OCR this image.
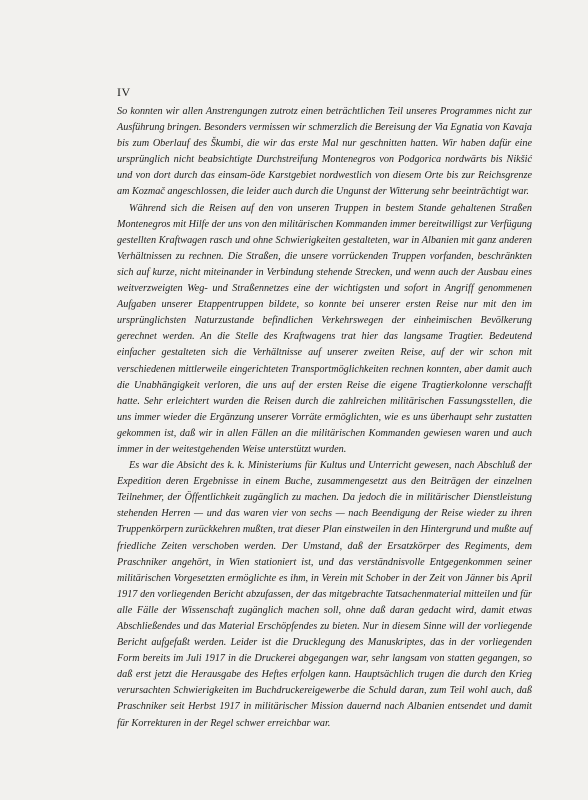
IV

So konnten wir allen Anstrengungen zutrotz einen beträchtlichen Teil unseres Programmes nicht zur Ausführung bringen. Besonders vermissen wir schmerzlich die Bereisung der Via Egnatia von Kavaja bis zum Oberlauf des Škumbi, die wir das erste Mal nur geschnitten hatten. Wir haben dafür eine ursprünglich nicht beabsichtigte Durchstreifung Montenegros von Podgorica nordwärts bis Nikšić und von dort durch das einsam-öde Karstgebiet nordwestlich von diesem Orte bis zur Reichsgrenze am Kozmač angeschlossen, die leider auch durch die Ungunst der Witterung sehr beeinträchtigt war.

Während sich die Reisen auf den von unseren Truppen in bestem Stande gehaltenen Straßen Montenegros mit Hilfe der uns von den militärischen Kommanden immer bereitwilligst zur Verfügung gestellten Kraftwagen rasch und ohne Schwierigkeiten gestalteten, war in Albanien mit ganz anderen Verhältnissen zu rechnen. Die Straßen, die unsere vorrückenden Truppen vorfanden, beschränkten sich auf kurze, nicht miteinander in Verbindung stehende Strecken, und wenn auch der Ausbau eines weitverzweigten Weg- und Straßennetzes eine der wichtigsten und sofort in Angriff genommenen Aufgaben unserer Etappentruppen bildete, so konnte bei unserer ersten Reise nur mit den im ursprünglichsten Naturzustande befindlichen Verkehrswegen der einheimischen Bevölkerung gerechnet werden. An die Stelle des Kraftwagens trat hier das langsame Tragtier. Bedeutend einfacher gestalteten sich die Verhältnisse auf unserer zweiten Reise, auf der wir schon mit verschiedenen mittlerweile eingerichteten Transportmöglichkeiten rechnen konnten, aber damit auch die Unabhängigkeit verloren, die uns auf der ersten Reise die eigene Tragtierkolonne verschafft hatte. Sehr erleichtert wurden die Reisen durch die zahlreichen militärischen Fassungsstellen, die uns immer wieder die Ergänzung unserer Vorräte ermöglichten, wie es uns überhaupt sehr zustatten gekommen ist, daß wir in allen Fällen an die militärischen Kommanden gewiesen waren und auch immer in der weitestgehenden Weise unterstützt wurden.

Es war die Absicht des k. k. Ministeriums für Kultus und Unterricht gewesen, nach Abschluß der Expedition deren Ergebnisse in einem Buche, zusammengesetzt aus den Beiträgen der einzelnen Teilnehmer, der Öffentlichkeit zugänglich zu machen. Da jedoch die in militärischer Dienstleistung stehenden Herren — und das waren vier von sechs — nach Beendigung der Reise wieder zu ihren Truppenkörpern zurückkehren mußten, trat dieser Plan einstweilen in den Hintergrund und mußte auf friedliche Zeiten verschoben werden. Der Umstand, daß der Ersatzkörper des Regiments, dem Praschniker angehört, in Wien stationiert ist, und das verständnisvolle Entgegenkommen seiner militärischen Vorgesetzten ermöglichte es ihm, in Verein mit Schober in der Zeit von Jänner bis April 1917 den vorliegenden Bericht abzufassen, der das mitgebrachte Tatsachenmaterial mitteilen und für alle Fälle der Wissenschaft zugänglich machen soll, ohne daß daran gedacht wird, damit etwas Abschließendes und das Material Erschöpfendes zu bieten. Nur in diesem Sinne will der vorliegende Bericht aufgefaßt werden. Leider ist die Drucklegung des Manuskriptes, das in der vorliegenden Form bereits im Juli 1917 in die Druckerei abgegangen war, sehr langsam von statten gegangen, so daß erst jetzt die Herausgabe des Heftes erfolgen kann. Hauptsächlich trugen die durch den Krieg verursachten Schwierigkeiten im Buchdruckereigewerbe die Schuld daran, zum Teil wohl auch, daß Praschniker seit Herbst 1917 in militärischer Mission dauernd nach Albanien entsendet und damit für Korrekturen in der Regel schwer erreichbar war.
